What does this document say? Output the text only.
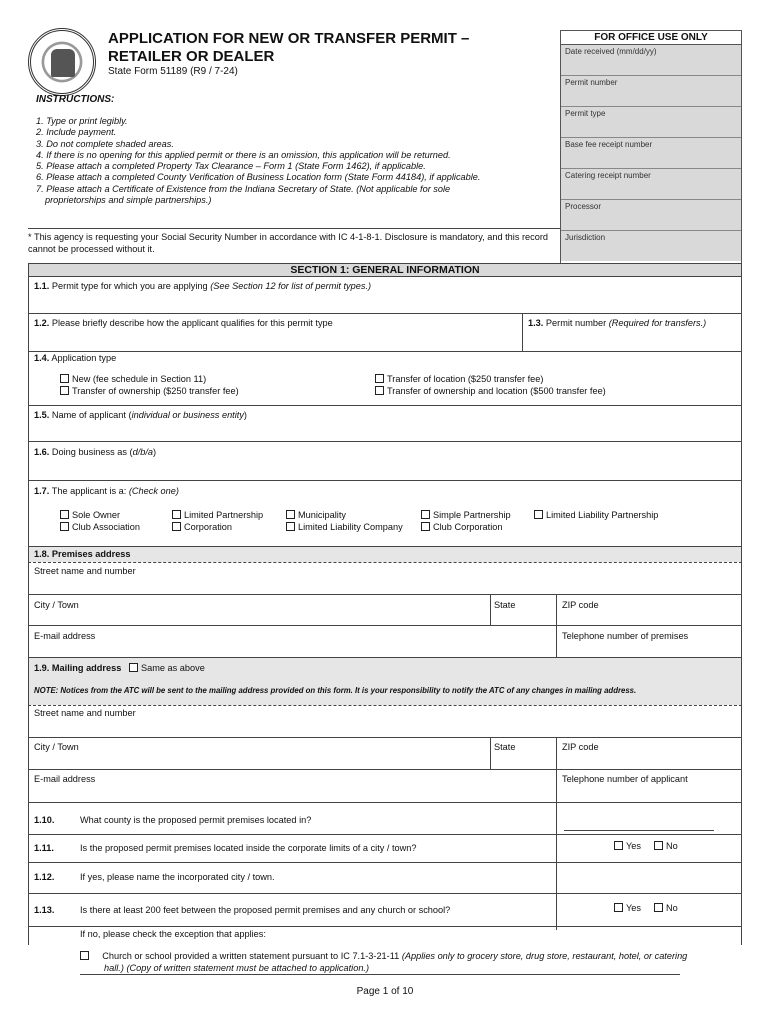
APPLICATION FOR NEW OR TRANSFER PERMIT – RETAILER OR DEALER
State Form 51189 (R9 / 7-24)
INSTRUCTIONS:
1. Type or print legibly.
2. Include payment.
3. Do not complete shaded areas.
4. If there is no opening for this applied permit or there is an omission, this application will be returned.
5. Please attach a completed Property Tax Clearance – Form 1 (State Form 1462), if applicable.
6. Please attach a completed County Verification of Business Location form (State Form 44184), if applicable.
7. Please attach a Certificate of Existence from the Indiana Secretary of State. (Not applicable for sole
proprietorships and simple partnerships.)
FOR OFFICE USE ONLY
Date received (mm/dd/yy)
Permit number
Permit type
Base fee receipt number
Catering receipt number
Processor
Jurisdiction
* This agency is requesting your Social Security Number in accordance with IC 4-1-8-1. Disclosure is mandatory, and this record cannot be processed without it.
SECTION 1: GENERAL INFORMATION
1.1. Permit type for which you are applying (See Section 12 for list of permit types.)
1.2. Please briefly describe how the applicant qualifies for this permit type	1.3. Permit number (Required for transfers.)
1.4. Application type
New (fee schedule in Section 11)
Transfer of ownership ($250 transfer fee)
Transfer of location ($250 transfer fee)
Transfer of ownership and location ($500 transfer fee)
1.5. Name of applicant (individual or business entity)
1.6. Doing business as (d/b/a)
1.7. The applicant is a: (Check one)
Sole Owner
Club Association
Limited Partnership
Corporation
Municipality
Limited Liability Company
Simple Partnership
Club Corporation
Limited Liability Partnership
1.8. Premises address
Street name and number
City / Town	State	ZIP code
E-mail address	Telephone number of premises
1.9. Mailing address Same as above
NOTE: Notices from the ATC will be sent to the mailing address provided on this form. It is your responsibility to notify the ATC of any changes in mailing address.
Street name and number
City / Town	State	ZIP code
E-mail address	Telephone number of applicant
1.10.	What county is the proposed permit premises located in?
1.11.	Is the proposed permit premises located inside the corporate limits of a city / town?	Yes	No
1.12.	If yes, please name the incorporated city / town.
1.13.	Is there at least 200 feet between the proposed permit premises and any church or school?	Yes	No
If no, please check the exception that applies:
Church or school provided a written statement pursuant to IC 7.1-3-21-11 (Applies only to grocery store, drug store, restaurant, hotel, or catering
hall.) (Copy of written statement must be attached to application.)
Page 1 of 10
